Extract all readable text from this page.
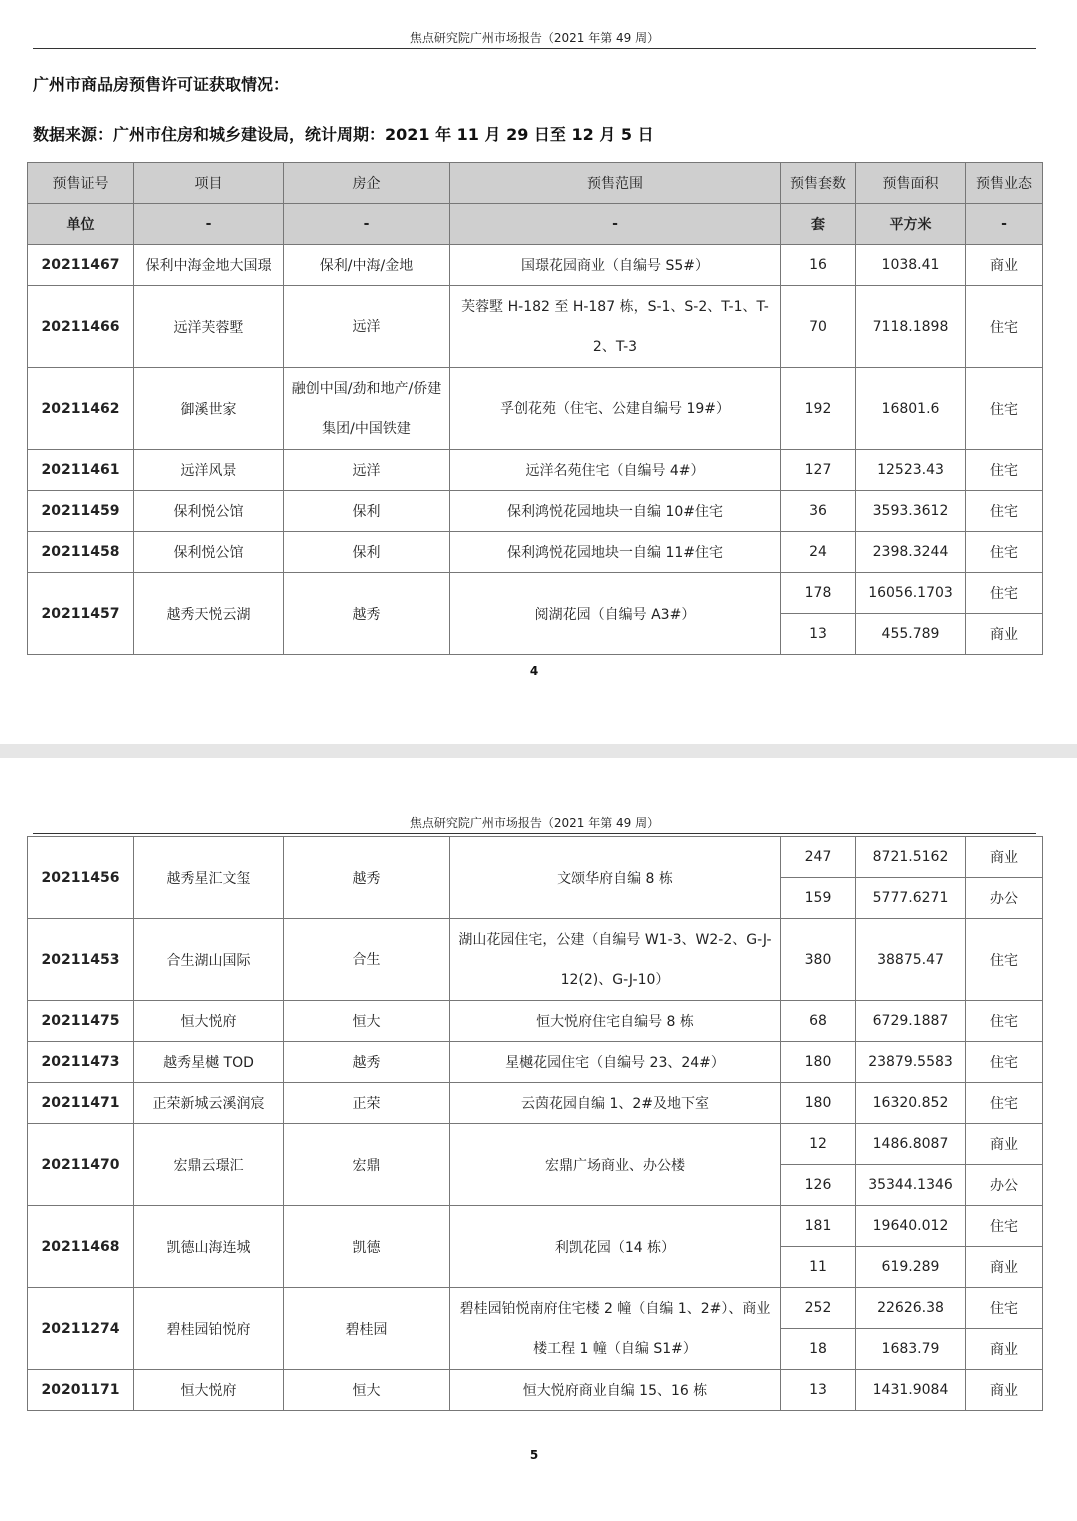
焦点研究院广州市场报告（2021 年第 49 周）
广州市商品房预售许可证获取情况：
数据来源：广州市住房和城乡建设局，统计周期：2021 年 11 月 29 日至 12 月 5 日
预售证号	项目	房企	预售范围	预售套数	预售面积	预售业态
单位	-	-	-	套	平方米	-
20211467	保利中海金地大国璟	保利/中海/金地	国璟花园商业（自编号 S5#）	16	1038.41	商业
20211466	远洋芙蓉墅	远洋	芙蓉墅 H-182 至 H-187 栋，S-1、S-2、T-1、T-2、T-3	70	7118.1898	住宅
20211462	御溪世家	融创中国/劲和地产/侨建集团/中国铁建	孚创花苑（住宅、公建自编号 19#）	192	16801.6	住宅
20211461	远洋风景	远洋	远洋名苑住宅（自编号 4#）	127	12523.43	住宅
20211459	保利悦公馆	保利	保利鸿悦花园地块一自编 10#住宅	36	3593.3612	住宅
20211458	保利悦公馆	保利	保利鸿悦花园地块一自编 11#住宅	24	2398.3244	住宅
20211457	越秀天悦云湖	越秀	阅湖花园（自编号 A3#）	178	16056.1703	住宅
				13	455.789	商业
4
焦点研究院广州市场报告（2021 年第 49 周）
20211456	越秀星汇文玺	越秀	文颂华府自编 8 栋	247	8721.5162	商业
				159	5777.6271	办公
20211453	合生湖山国际	合生	湖山花园住宅，公建（自编号 W1-3、W2-2、G-J-12(2)、G-J-10）	380	38875.47	住宅
20211475	恒大悦府	恒大	恒大悦府住宅自编号 8 栋	68	6729.1887	住宅
20211473	越秀星樾 TOD	越秀	星樾花园住宅（自编号 23、24#）	180	23879.5583	住宅
20211471	正荣新城云溪润宸	正荣	云茵花园自编 1、2#及地下室	180	16320.852	住宅
20211470	宏鼎云璟汇	宏鼎	宏鼎广场商业、办公楼	12	1486.8087	商业
				126	35344.1346	办公
20211468	凯德山海连城	凯德	利凯花园（14 栋）	181	19640.012	住宅
				11	619.289	商业
20211274	碧桂园铂悦府	碧桂园	碧桂园铂悦南府住宅楼 2 幢（自编 1、2#）、商业楼工程 1 幢（自编 S1#）	252	22626.38	住宅
				18	1683.79	商业
20201171	恒大悦府	恒大	恒大悦府商业自编 15、16 栋	13	1431.9084	商业
5
